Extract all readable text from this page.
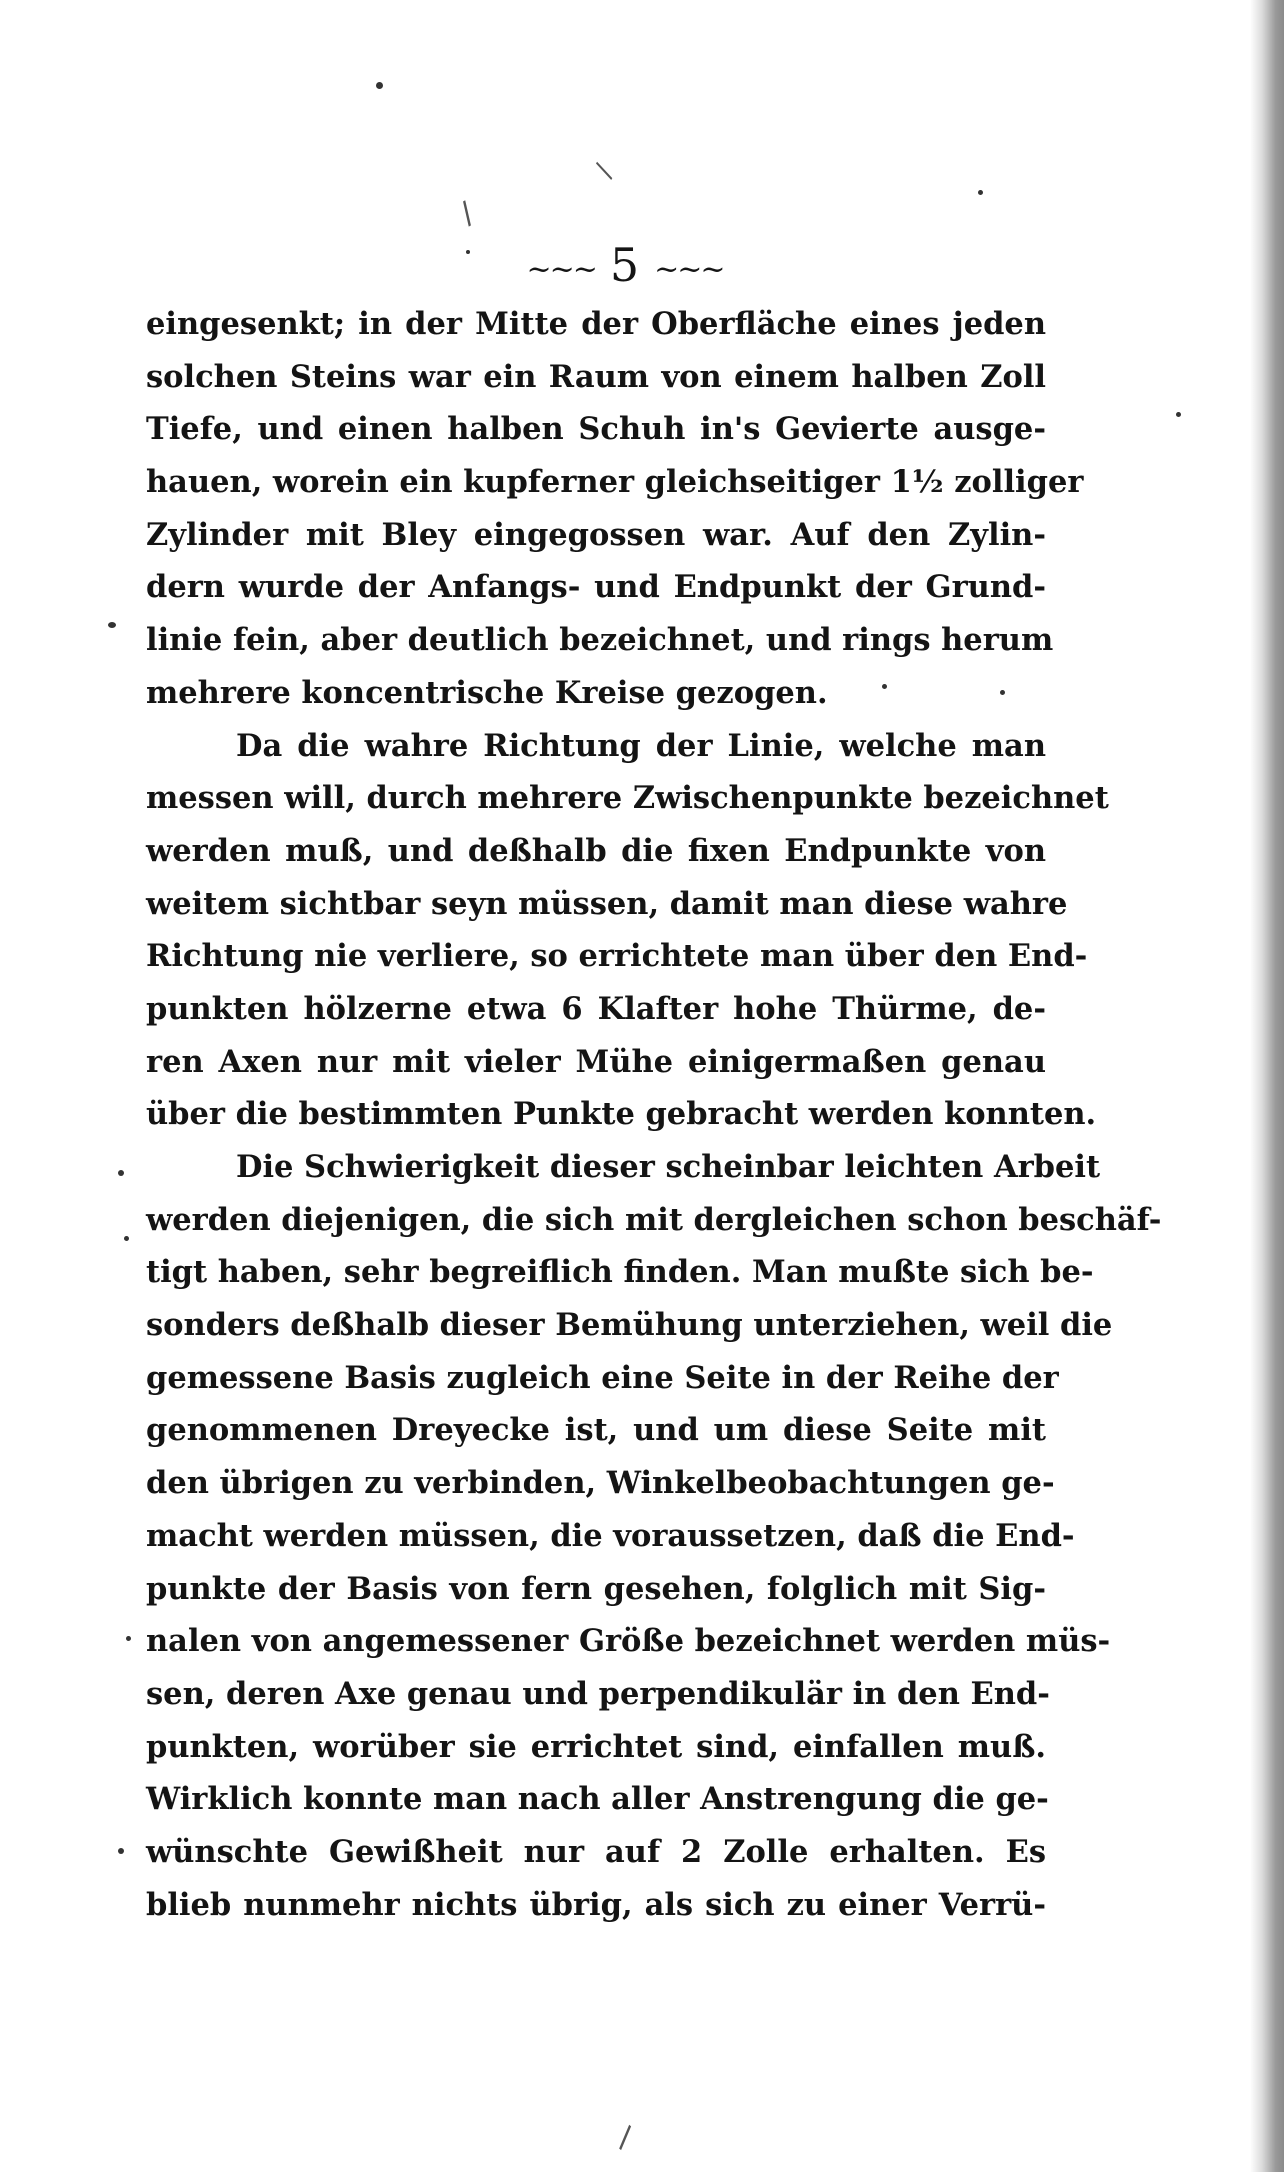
/
/
\
~~~ 5 ~~~
eingesenkt; in der Mitte der Oberfläche eines jeden
solchen Steins war ein Raum von einem halben Zoll
Tiefe, und einen halben Schuh in's Gevierte ausge-
hauen, worein ein kupferner gleichseitiger 1½ zolliger
Zylinder mit Bley eingegossen war. Auf den Zylin-
dern wurde der Anfangs- und Endpunkt der Grund-
linie fein, aber deutlich bezeichnet, und rings herum
mehrere koncentrische Kreise gezogen.
Da die wahre Richtung der Linie, welche man
messen will, durch mehrere Zwischenpunkte bezeichnet
werden muß, und deßhalb die fixen Endpunkte von
weitem sichtbar seyn müssen, damit man diese wahre
Richtung nie verliere, so errichtete man über den End-
punkten hölzerne etwa 6 Klafter hohe Thürme, de-
ren Axen nur mit vieler Mühe einigermaßen genau
über die bestimmten Punkte gebracht werden konnten.
Die Schwierigkeit dieser scheinbar leichten Arbeit
werden diejenigen, die sich mit dergleichen schon beschäf-
tigt haben, sehr begreiflich finden. Man mußte sich be-
sonders deßhalb dieser Bemühung unterziehen, weil die
gemessene Basis zugleich eine Seite in der Reihe der
genommenen Dreyecke ist, und um diese Seite mit
den übrigen zu verbinden, Winkelbeobachtungen ge-
macht werden müssen, die voraussetzen, daß die End-
punkte der Basis von fern gesehen, folglich mit Sig-
nalen von angemessener Größe bezeichnet werden müs-
sen, deren Axe genau und perpendikulär in den End-
punkten, worüber sie errichtet sind, einfallen muß.
Wirklich konnte man nach aller Anstrengung die ge-
wünschte Gewißheit nur auf 2 Zolle erhalten. Es
blieb nunmehr nichts übrig, als sich zu einer Verrü-
